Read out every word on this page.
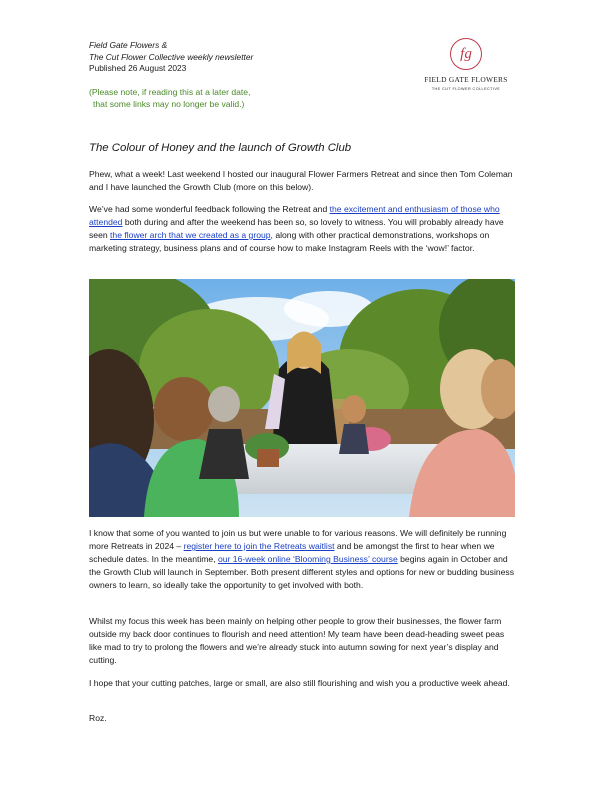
Field Gate Flowers &
The Cut Flower Collective weekly newsletter
Published 26 August 2023
(Please note, if reading this at a later date,
that some links may no longer be valid.)
fg
FIELD GATE FLOWERS
THE CUT FLOWER COLLECTIVE
The Colour of Honey and the launch of Growth Club
Phew, what a week! Last weekend I hosted our inaugural Flower Farmers Retreat and since then Tom Coleman and I have launched the Growth Club (more on this below).
We’ve had some wonderful feedback following the Retreat and the excitement and enthusiasm of those who attended both during and after the weekend has been so, so lovely to witness. You will probably already have seen the flower arch that we created as a group, along with other practical demonstrations, workshops on marketing strategy, business plans and of course how to make Instagram Reels with the ‘wow!’ factor.
I know that some of you wanted to join us but were unable to for various reasons. We will definitely be running more Retreats in 2024 – register here to join the Retreats waitlist and be amongst the first to hear when we schedule dates. In the meantime, our 16-week online ‘Blooming Business’ course begins again in October and the Growth Club will launch in September. Both present different styles and options for new or budding business owners to learn, so ideally take the opportunity to get involved with both.
Whilst my focus this week has been mainly on helping other people to grow their businesses, the flower farm outside my back door continues to flourish and need attention! My team have been dead-heading sweet peas like mad to try to prolong the flowers and we’re already stuck into autumn sowing for next year’s display and cutting.
I hope that your cutting patches, large or small, are also still flourishing and wish you a productive week ahead.
Roz.
